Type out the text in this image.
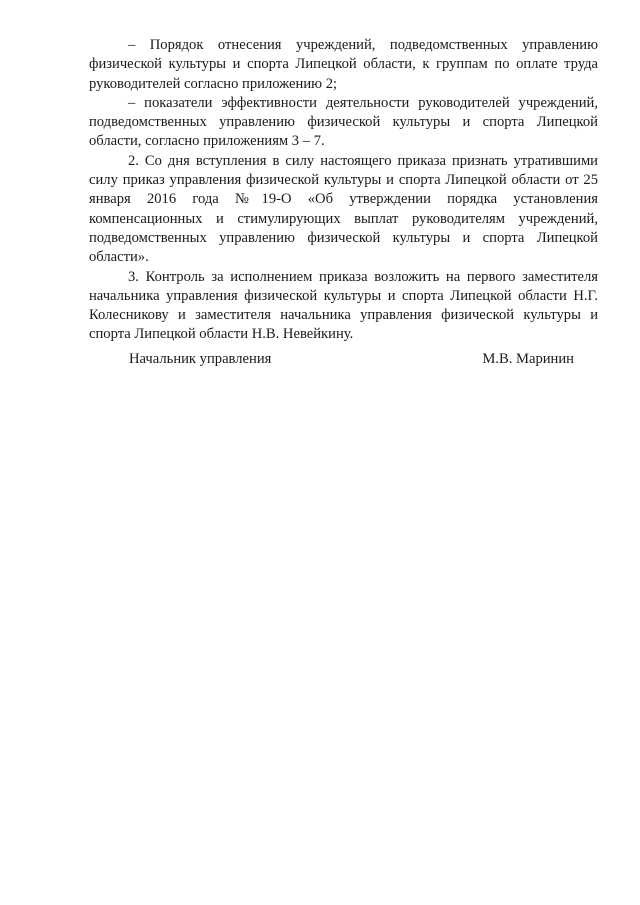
– Порядок отнесения учреждений, подведомственных управлению физической культуры и спорта Липецкой области, к группам по оплате труда руководителей согласно приложению 2;

– показатели эффективности деятельности руководителей учреждений, подведомственных управлению физической культуры и спорта Липецкой области, согласно приложениям 3 – 7.

2. Со дня вступления в силу настоящего приказа признать утратившими силу приказ управления физической культуры и спорта Липецкой области от 25 января 2016 года №19-О «Об утверждении порядка установления компенсационных и стимулирующих выплат руководителям учреждений, подведомственных управлению физической культуры и спорта Липецкой области».

3. Контроль за исполнением приказа возложить на первого заместителя начальника управления физической культуры и спорта Липецкой области Н.Г. Колесникову и заместителя начальника управления физической культуры и спорта Липецкой области Н.В. Невейкину.

Начальник управления	М.В. Маринин
